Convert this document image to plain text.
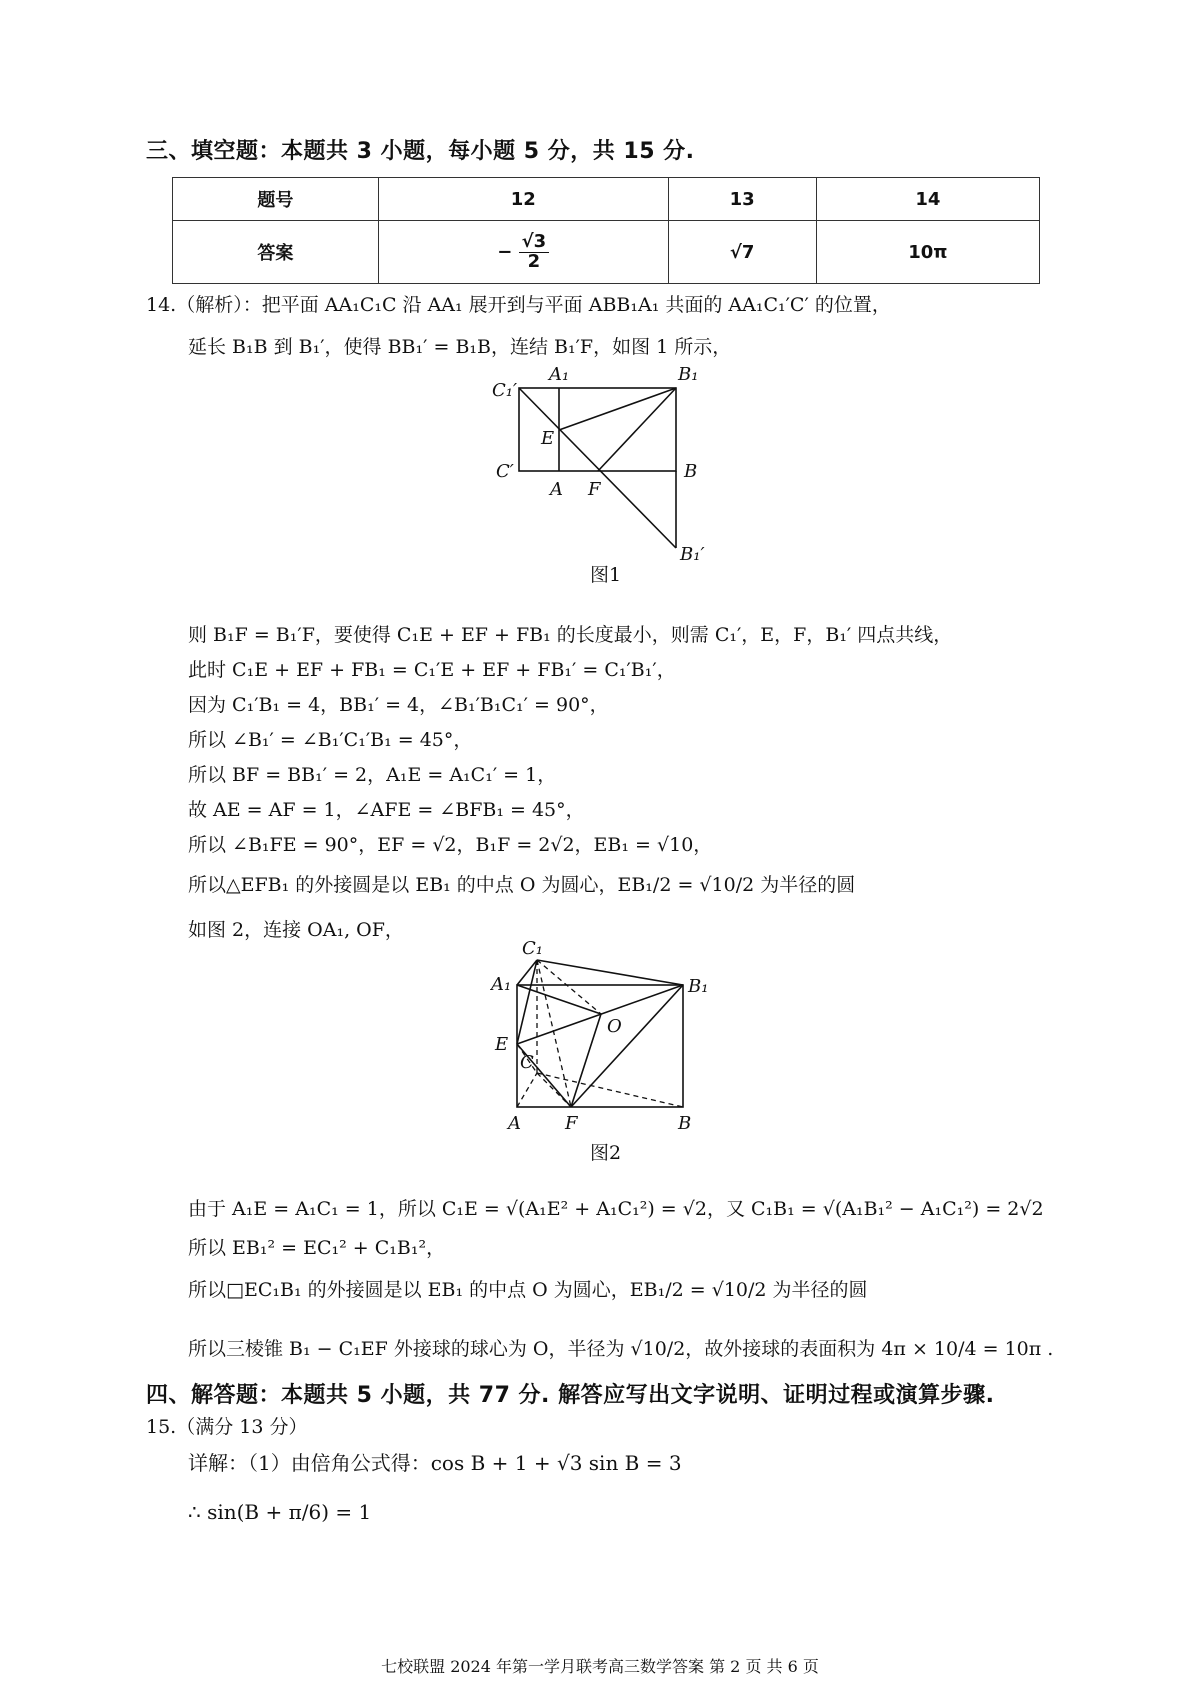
三、填空题：本题共 3 小题，每小题 5 分，共 15 分.
题号	12	13	14
答案	− $\frac{√3}{2}$	√7	10π
14.（解析）：把平面 AA₁C₁C 沿 AA₁ 展开到与平面 ABB₁A₁ 共面的 AA₁C₁′C′ 的位置，
延长 B₁B 到 B₁′，使得 BB₁′ = B₁B，连结 B₁′F，如图 1 所示，
C₁′
A₁	B₁
E
C′
A F
B
B₁′
图1
则 B₁F = B₁′F，要使得 C₁E + EF + FB₁ 的长度最小，则需 C₁′，E，F，B₁′ 四点共线，
此时 C₁E + EF + FB₁ = C₁′E + EF + FB₁′ = C₁′B₁′，
因为 C₁′B₁ = 4，BB₁′ = 4，∠B₁′B₁C₁′ = 90°，
所以 ∠B₁′ = ∠B₁′C₁′B₁ = 45°，
所以 BF = BB₁′ = 2，A₁E = A₁C₁′ = 1，
故 AE = AF = 1，∠AFE = ∠BFB₁ = 45°，
所以 ∠B₁FE = 90°，EF = √2，B₁F = 2√2，EB₁ = √10，
所以△EFB₁ 的外接圆是以 EB₁ 的中点 O 为圆心，EB₁/2 = √10/2 为半径的圆
如图 2，连接 OA₁, OF，
C₁
A₁	B₁
O
E
C
A F	B
图2
由于 A₁E = A₁C₁ = 1，所以 C₁E = √(A₁E² + A₁C₁²) = √2，又 C₁B₁ = √(A₁B₁² − A₁C₁²) = 2√2
所以 EB₁² = EC₁² + C₁B₁²，
所以□EC₁B₁ 的外接圆是以 EB₁ 的中点 O 为圆心，EB₁/2 = √10/2 为半径的圆
所以三棱锥 B₁ − C₁EF 外接球的球心为 O，半径为 √10/2，故外接球的表面积为 4π × 10/4 = 10π .
四、解答题：本题共 5 小题，共 77 分. 解答应写出文字说明、证明过程或演算步骤.
15.（满分 13 分）
详解：（1）由倍角公式得：cos B + 1 + √3 sin B = 3
∴ sin(B + π/6) = 1
七校联盟 2024 年第一学月联考高三数学答案 第 2 页 共 6 页
